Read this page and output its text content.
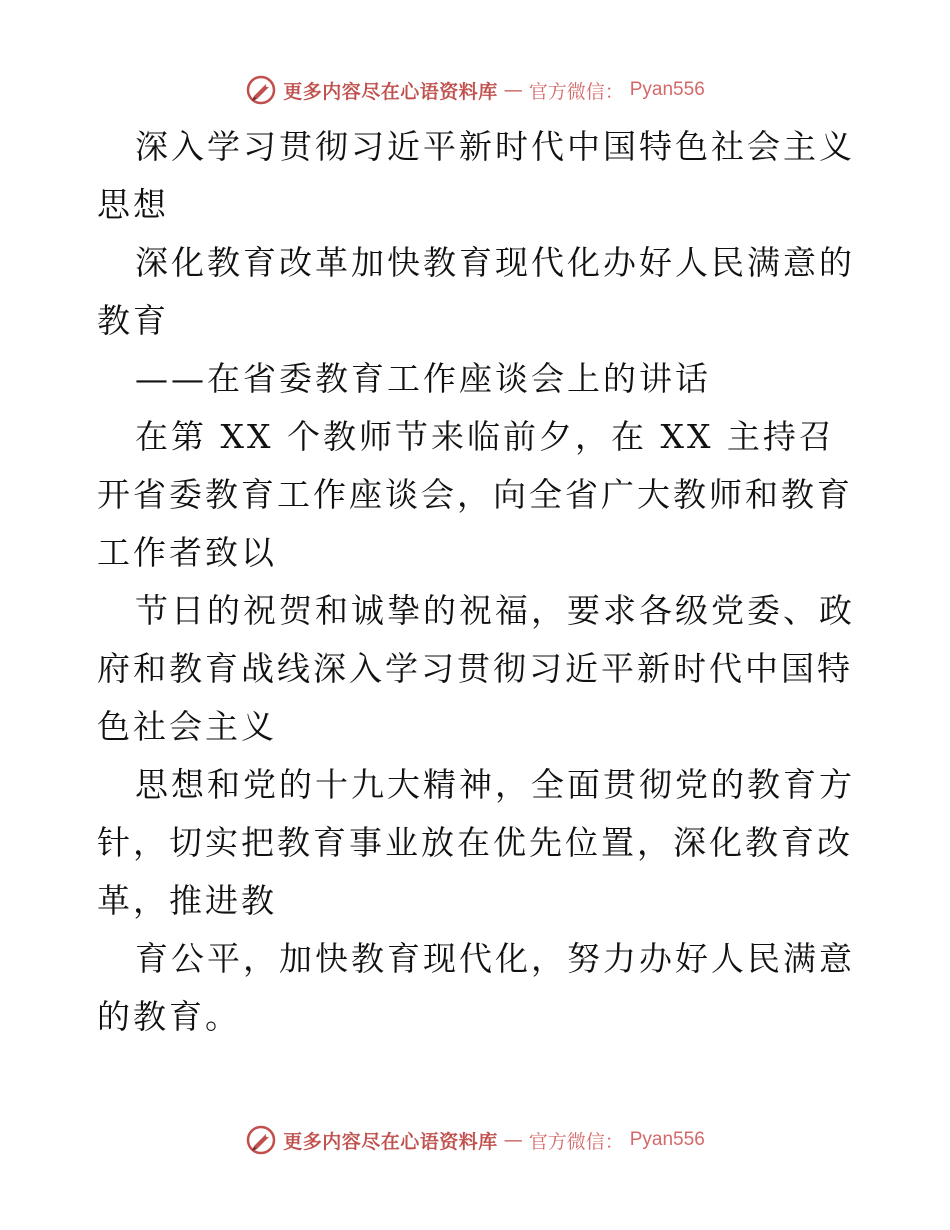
更多内容尽在心语资料库 — 官方微信： Pyan556

深入学习贯彻习近平新时代中国特色社会主义思想

深化教育改革加快教育现代化办好人民满意的教育

——在省委教育工作座谈会上的讲话

在第 XX 个教师节来临前夕，在 XX 主持召开省委教育工作座谈会，向全省广大教师和教育工作者致以

节日的祝贺和诚挚的祝福，要求各级党委、政府和教育战线深入学习贯彻习近平新时代中国特色社会主义

思想和党的十九大精神，全面贯彻党的教育方针，切实把教育事业放在优先位置，深化教育改革，推进教

育公平，加快教育现代化，努力办好人民满意的教育。

更多内容尽在心语资料库 — 官方微信： Pyan556
